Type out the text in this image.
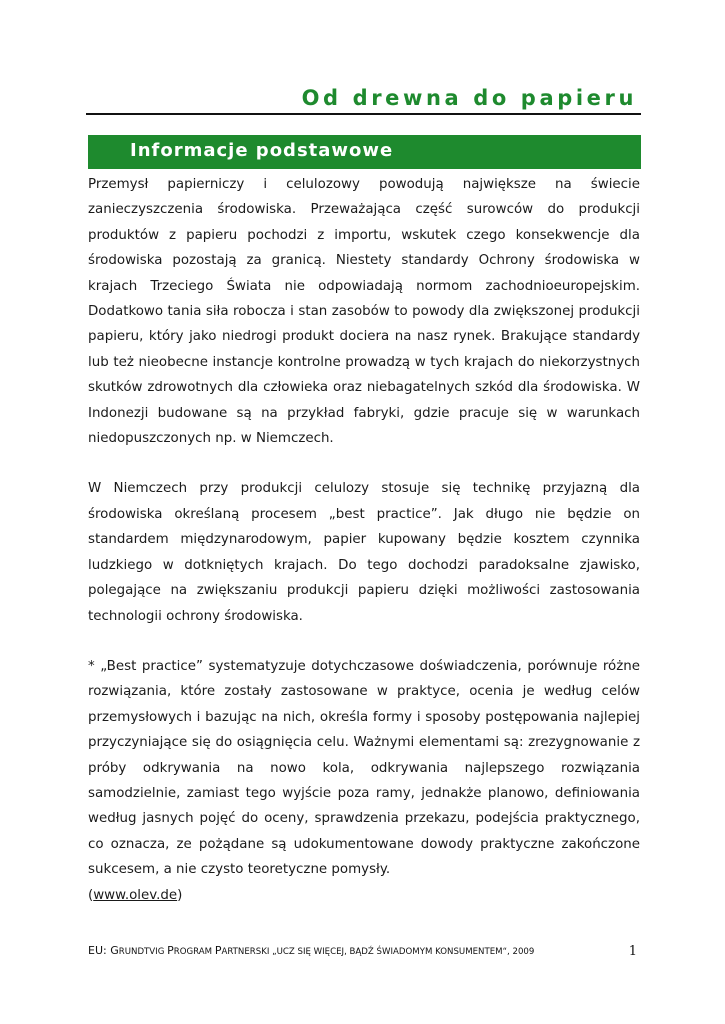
Od drewna do papieru
Informacje podstawowe

Przemysł papierniczy i celulozowy powodują największe na świecie zanieczyszczenia środowiska. Przeważająca część surowców do produkcji produktów z papieru pochodzi z importu, wskutek czego konsekwencje dla środowiska pozostają za granicą. Niestety standardy Ochrony środowiska w krajach Trzeciego Świata nie odpowiadają normom zachodnioeuropejskim. Dodatkowo tania siła robocza i stan zasobów to powody dla zwiększonej produkcji papieru, który jako niedrogi produkt dociera na nasz rynek. Brakujące standardy lub też nieobecne instancje kontrolne prowadzą w tych krajach do niekorzystnych skutków zdrowotnych dla człowieka oraz niebagatelnych szkód dla środowiska. W Indonezji budowane są na przykład fabryki, gdzie pracuje się w warunkach niedopuszczonych np. w Niemczech.

W Niemczech przy produkcji celulozy stosuje się technikę przyjazną dla środowiska określaną procesem „best practice”. Jak długo nie będzie on standardem międzynarodowym, papier kupowany będzie kosztem czynnika ludzkiego w dotkniętych krajach. Do tego dochodzi paradoksalne zjawisko, polegające na zwiększaniu produkcji papieru dzięki możliwości zastosowania technologii ochrony środowiska.

* „Best practice” systematyzuje dotychczasowe doświadczenia, porównuje różne rozwiązania, które zostały zastosowane w praktyce, ocenia je według celów przemysłowych i bazując na nich, określa formy i sposoby postępowania najlepiej przyczyniające się do osiągnięcia celu. Ważnymi elementami są: zrezygnowanie z próby odkrywania na nowo kola, odkrywania najlepszego rozwiązania samodzielnie, zamiast tego wyjście poza ramy, jednakże planowo, definiowania według jasnych pojęć do oceny, sprawdzenia przekazu, podejścia praktycznego, co oznacza, ze pożądane są udokumentowane dowody praktyczne zakończone sukcesem, a nie czysto teoretyczne pomysły.

(www.olev.de)

EU: GRUNDTVIG PROGRAM PARTNERSKI „UCZ SIĘ WIĘCEJ, BĄDŹ ŚWIADOMYM KONSUMENTEM“, 2009	1
